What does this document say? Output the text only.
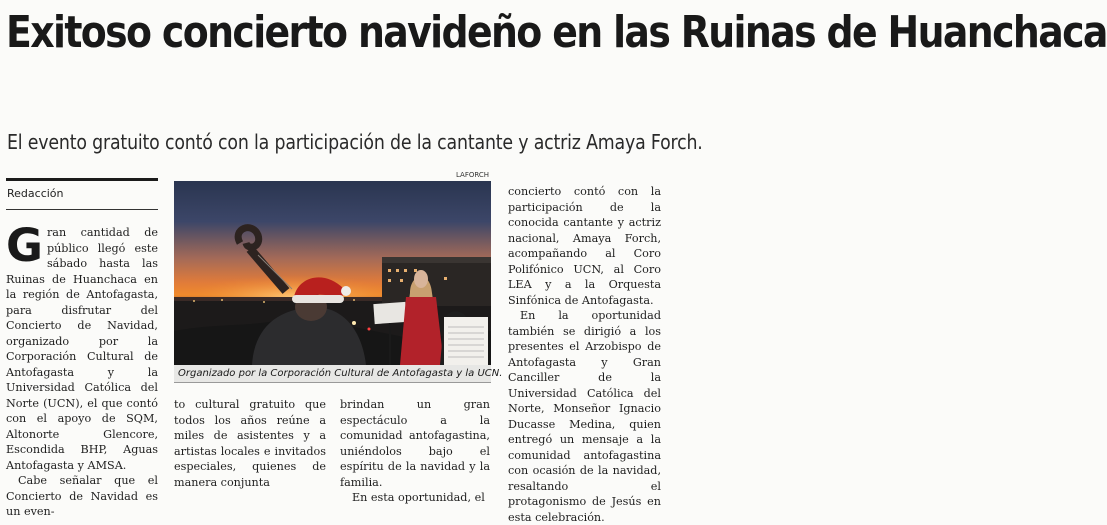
Exitoso concierto navideño en las Ruinas de Huanchaca

El evento gratuito contó con la participación de la cantante y actriz Amaya Forch.

Redacción

Gran cantidad de público llegó este sábado hasta las Ruinas de Huanchaca en la región de Antofagasta, para disfrutar del Concierto de Navidad, organizado por la Corporación Cultural de Antofagasta y la Universidad Católica del Norte (UCN), el que contó con el apoyo de SQM, Altonorte Glencore, Escondida BHP, Aguas Antofagasta y AMSA.

Cabe señalar que el Concierto de Navidad es un even-

LAFORCH

Organizado por la Corporación Cultural de Antofagasta y la UCN.

to cultural gratuito que todos los años reúne a miles de asistentes y a artistas locales e invitados especiales, quienes de manera conjunta

brindan un gran espectáculo a la comunidad antofagastina, uniéndolos bajo el espíritu de la navidad y la familia.

En esta oportunidad, el

concierto contó con la participación de la conocida cantante y actriz nacional, Amaya Forch, acompañando al Coro Polifónico UCN, al Coro LEA y a la Orquesta Sinfónica de Antofagasta.

En la oportunidad también se dirigió a los presentes el Arzobispo de Antofagasta y Gran Canciller de la Universidad Católica del Norte, Monseñor Ignacio Ducasse Medina, quien entregó un mensaje a la comunidad antofagastina con ocasión de la navidad, resaltando el protagonismo de Jesús en esta celebración.
